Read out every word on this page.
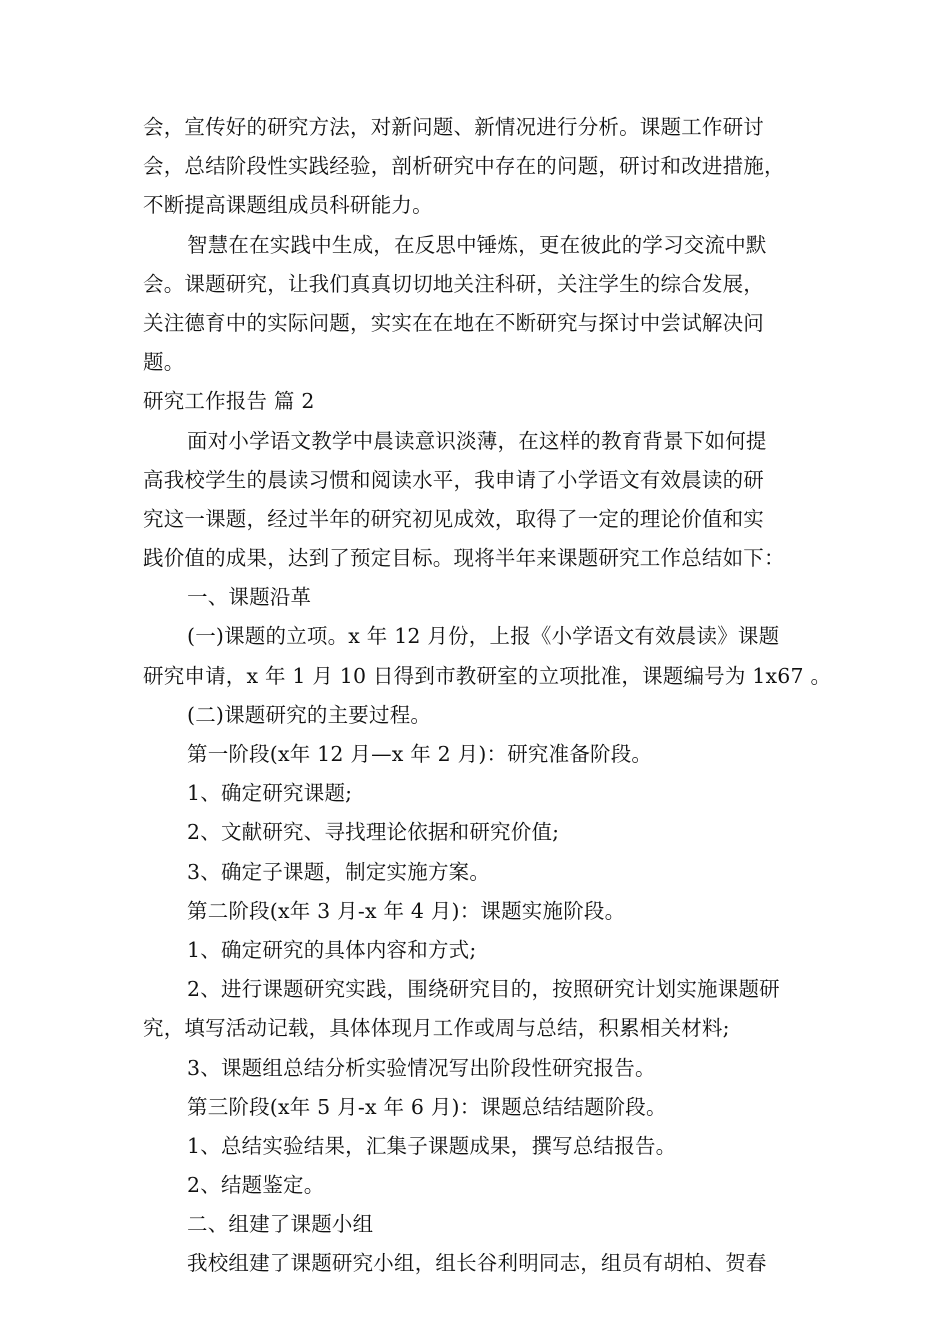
会，宣传好的研究方法，对新问题、新情况进行分析。课题工作研讨
会，总结阶段性实践经验，剖析研究中存在的问题，研讨和改进措施，
不断提高课题组成员科研能力。
智慧在在实践中生成，在反思中锤炼，更在彼此的学习交流中默
会。课题研究，让我们真真切切地关注科研，关注学生的综合发展，
关注德育中的实际问题，实实在在地在不断研究与探讨中尝试解决问
题。
研究工作报告 篇 2
面对小学语文教学中晨读意识淡薄，在这样的教育背景下如何提
高我校学生的晨读习惯和阅读水平，我申请了小学语文有效晨读的研
究这一课题，经过半年的研究初见成效，取得了一定的理论价值和实
践价值的成果，达到了预定目标。现将半年来课题研究工作总结如下：
一、课题沿革
(一)课题的立项。x 年 12 月份，上报《小学语文有效晨读》课题
研究申请，x 年 1 月 10 日得到市教研室的立项批准，课题编号为 1x67 。
(二)课题研究的主要过程。
第一阶段(x年 12 月—x 年 2 月)：研究准备阶段。
1、确定研究课题;
2、文献研究、寻找理论依据和研究价值;
3、确定子课题，制定实施方案。
第二阶段(x年 3 月-x 年 4 月)：课题实施阶段。
1、确定研究的具体内容和方式;
2、进行课题研究实践，围绕研究目的，按照研究计划实施课题研
究，填写活动记载，具体体现月工作或周与总结，积累相关材料;
3、课题组总结分析实验情况写出阶段性研究报告。
第三阶段(x年 5 月-x 年 6 月)：课题总结结题阶段。
1、总结实验结果，汇集子课题成果，撰写总结报告。
2、结题鉴定。
二、组建了课题小组
我校组建了课题研究小组，组长谷利明同志，组员有胡柏、贺春
